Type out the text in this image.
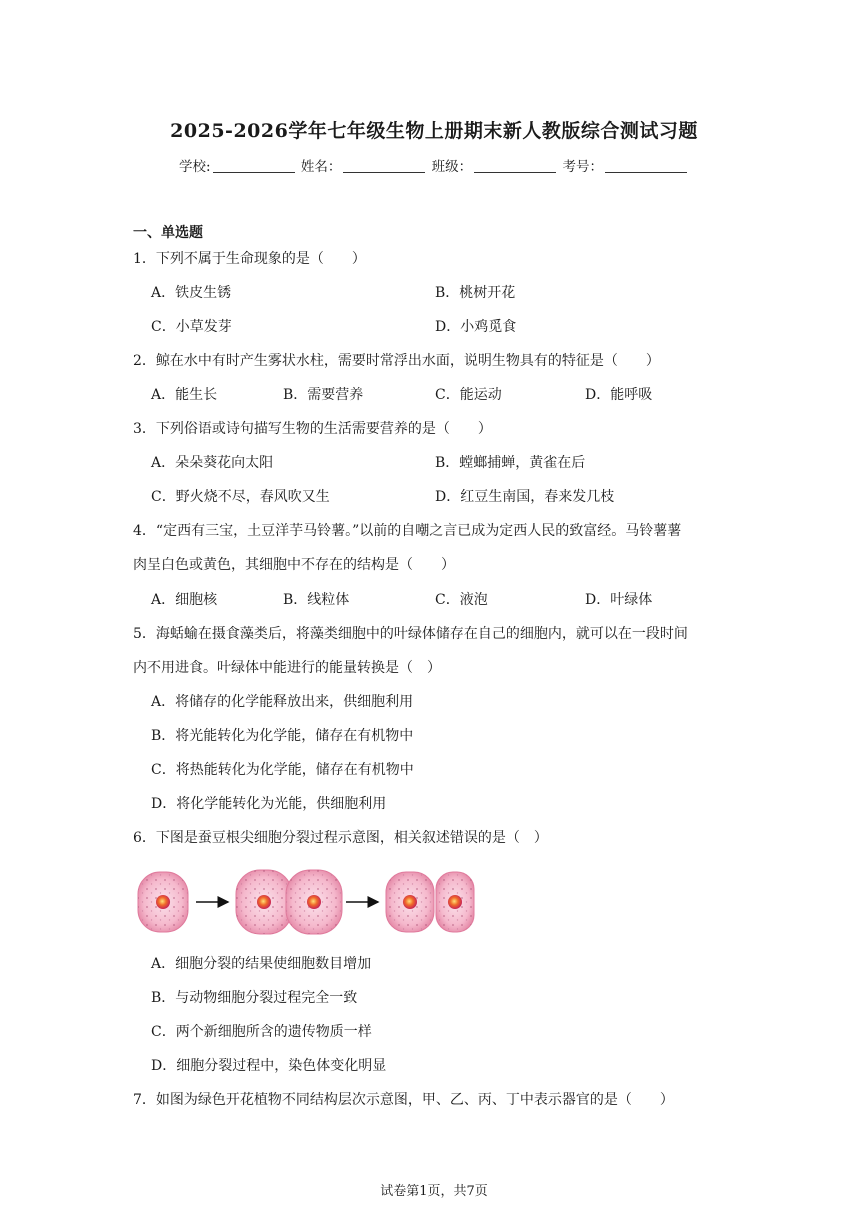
2025-2026学年七年级生物上册期末新人教版综合测试习题
学校:	姓名：	班级：	考号：
一、单选题
1．下列不属于生命现象的是（　　）
A．铁皮生锈	B．桃树开花
C．小草发芽	D．小鸡觅食
2．鲸在水中有时产生雾状水柱，需要时常浮出水面，说明生物具有的特征是（　　）
A．能生长	B．需要营养	C．能运动	D．能呼吸
3．下列俗语或诗句描写生物的生活需要营养的是（　　）
A．朵朵葵花向太阳	B．螳螂捕蝉，黄雀在后
C．野火烧不尽，春风吹又生	D．红豆生南国，春来发几枝
4．“定西有三宝，土豆洋芋马铃薯。”以前的自嘲之言已成为定西人民的致富经。马铃薯薯
肉呈白色或黄色，其细胞中不存在的结构是（　　）
A．细胞核	B．线粒体	C．液泡	D．叶绿体
5．海蛞蝓在摄食藻类后，将藻类细胞中的叶绿体储存在自己的细胞内，就可以在一段时间
内不用进食。叶绿体中能进行的能量转换是（　）
A．将储存的化学能释放出来，供细胞利用
B．将光能转化为化学能，储存在有机物中
C．将热能转化为化学能，储存在有机物中
D．将化学能转化为光能，供细胞利用
6．下图是蚕豆根尖细胞分裂过程示意图，相关叙述错误的是（　）
A．细胞分裂的结果使细胞数目增加
B．与动物细胞分裂过程完全一致
C．两个新细胞所含的遗传物质一样
D．细胞分裂过程中，染色体变化明显
7．如图为绿色开花植物不同结构层次示意图，甲、乙、丙、丁中表示器官的是（　　）
试卷第1页，共7页
